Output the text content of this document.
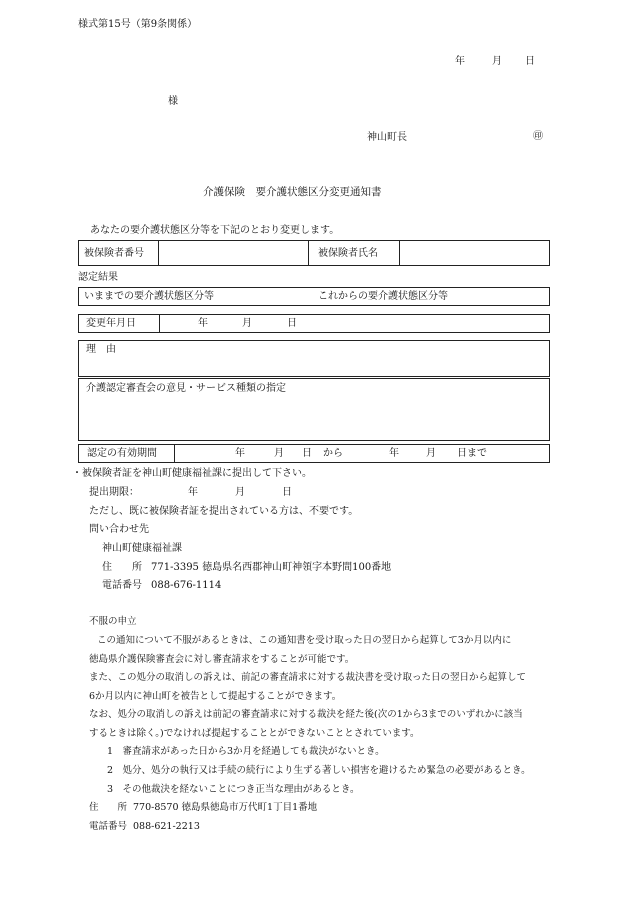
様式第15号（第9条関係）
年	月 日
様
神山町長	㊞
介護保険　要介護状態区分変更通知書
あなたの要介護状態区分等を下記のとおり変更します。
被保険者番号	被保険者氏名
認定結果
いままでの要介護状態区分等	これからの要介護状態区分等
変更年月日	年	月	日
理　由
介護認定審査会の意見・サービス種類の指定
認定の有効期間	年	月 日 から	年	月 日まで
・被保険者証を神山町健康福祉課に提出して下さい。
提出期限：	年	月	日
ただし、既に被保険者証を提出されている方は、不要です。
問い合わせ先
神山町健康福祉課
住　　所 771-3395 徳島県名西郡神山町神領字本野間100番地
電話番号 088-676-1114
不服の申立
この通知について不服があるときは、この通知書を受け取った日の翌日から起算して3か月以内に
徳島県介護保険審査会に対し審査請求をすることが可能です。
また、この処分の取消しの訴えは、前記の審査請求に対する裁決書を受け取った日の翌日から起算して
6か月以内に神山町を被告として提起することができます。
なお、処分の取消しの訴えは前記の審査請求に対する裁決を経た後(次の1から3までのいずれかに該当
するときは除く。)でなければ提起することとができないこととされています。
1　審査請求があった日から3か月を経過しても裁決がないとき。
2　処分、処分の執行又は手続の続行により生ずる著しい損害を避けるため緊急の必要があるとき。
3　その他裁決を経ないことにつき正当な理由があるとき。
住　　所 770-8570 徳島県徳島市万代町1丁目1番地
電話番号 088-621-2213
